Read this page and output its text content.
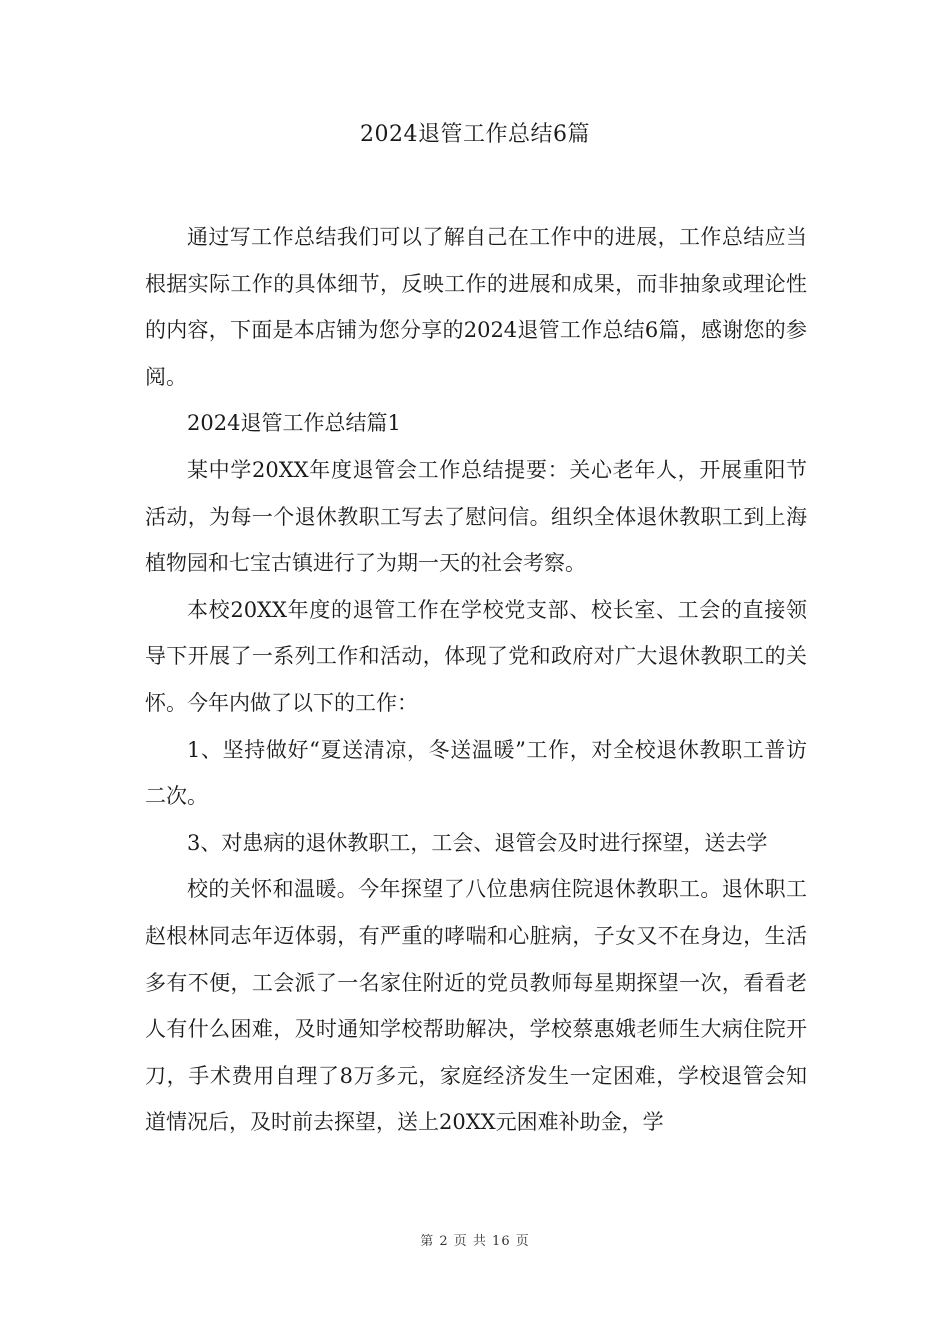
2024退管工作总结6篇

通过写工作总结我们可以了解自己在工作中的进展，工作总结应当根据实际工作的具体细节，反映工作的进展和成果，而非抽象或理论性的内容，下面是本店铺为您分享的2024退管工作总结6篇，感谢您的参阅。

2024退管工作总结篇1

某中学20XX年度退管会工作总结提要：关心老年人，开展重阳节活动，为每一个退休教职工写去了慰问信。组织全体退休教职工到上海植物园和七宝古镇进行了为期一天的社会考察。

本校20XX年度的退管工作在学校党支部、校长室、工会的直接领导下开展了一系列工作和活动，体现了党和政府对广大退休教职工的关怀。今年内做了以下的工作：

1、坚持做好“夏送清凉，冬送温暖”工作，对全校退休教职工普访二次。

3、对患病的退休教职工，工会、退管会及时进行探望，送去学

校的关怀和温暖。今年探望了八位患病住院退休教职工。退休职工赵根林同志年迈体弱，有严重的哮喘和心脏病，子女又不在身边，生活多有不便，工会派了一名家住附近的党员教师每星期探望一次，看看老人有什么困难，及时通知学校帮助解决，学校蔡惠娥老师生大病住院开刀，手术费用自理了8万多元，家庭经济发生一定困难，学校退管会知道情况后，及时前去探望，送上20XX元困难补助金，学

第 2 页 共 16 页
